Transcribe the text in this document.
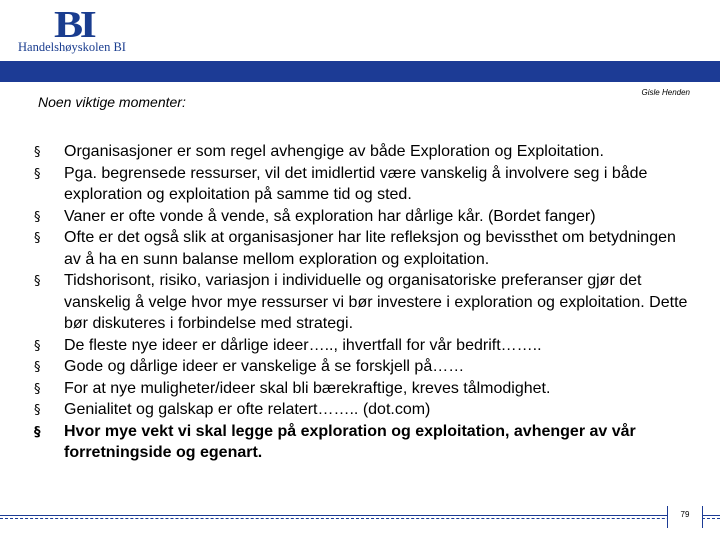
BI
Handelshøyskolen BI
Gisle Henden
Noen viktige momenter:
§ Organisasjoner er som regel avhengige av både Exploration og Exploitation.
§ Pga. begrensede ressurser, vil det imidlertid være vanskelig å involvere seg i både exploration og exploitation på samme tid og sted.
§ Vaner er ofte vonde å vende, så exploration har dårlige kår. (Bordet fanger)
§ Ofte er det også slik at organisasjoner har lite refleksjon og bevissthet om betydningen av å ha en sunn balanse mellom exploration og exploitation.
§ Tidshorisont, risiko, variasjon i individuelle og organisatoriske preferanser gjør det vanskelig å velge hvor mye ressurser vi bør investere i exploration og exploitation. Dette bør diskuteres i forbindelse med strategi.
§ De fleste nye ideer er dårlige ideer….., ihvertfall for vår bedrift……..
§ Gode og dårlige ideer er vanskelige å se forskjell på……
§ For at nye muligheter/ideer skal bli bærekraftige, kreves tålmodighet.
§ Genialitet og galskap er ofte relatert…….. (dot.com)
§ Hvor mye vekt vi skal legge på exploration og exploitation, avhenger av vår forretningside og egenart.
79
